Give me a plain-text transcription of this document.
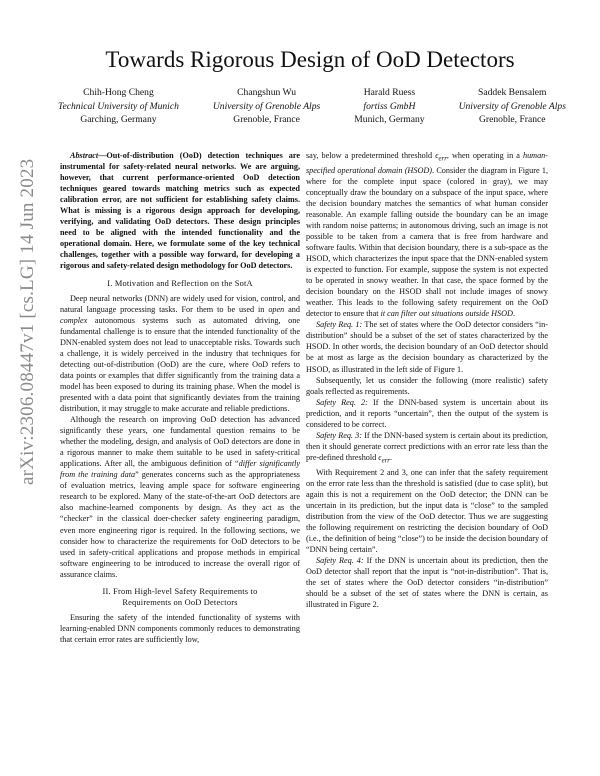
arXiv:2306.08447v1 [cs.LG] 14 Jun 2023
Towards Rigorous Design of OoD Detectors
Chih-Hong Cheng
Technical University of Munich
Garching, Germany
Changshun Wu
University of Grenoble Alps
Grenoble, France
Harald Ruess
fortiss GmbH
Munich, Germany
Saddek Bensalem
University of Grenoble Alps
Grenoble, France

Abstract—Out-of-distribution (OoD) detection techniques are instrumental for safety-related neural networks. We are arguing, however, that current performance-oriented OoD detection techniques geared towards matching metrics such as expected calibration error, are not sufficient for establishing safety claims. What is missing is a rigorous design approach for developing, verifying, and validating OoD detectors. These design principles need to be aligned with the intended functionality and the operational domain. Here, we formulate some of the key technical challenges, together with a possible way forward, for developing a rigorous and safety-related design methodology for OoD detectors.

I. Motivation and Reflection on the SotA

Deep neural networks (DNN) are widely used for vision, control, and natural language processing tasks. For them to be used in open and complex autonomous systems such as automated driving, one fundamental challenge is to ensure that the intended functionality of the DNN-enabled system does not lead to unacceptable risks. Towards such a challenge, it is widely perceived in the industry that techniques for detecting out-of-distribution (OoD) are the cure, where OoD refers to data points or examples that differ significantly from the training data a model has been exposed to during its training phase. When the model is presented with a data point that significantly deviates from the training distribution, it may struggle to make accurate and reliable predictions.

Although the research on improving OoD detection has advanced significantly these years, one fundamental question remains to be whether the modeling, design, and analysis of OoD detectors are done in a rigorous manner to make them suitable to be used in safety-critical applications. After all, the ambiguous definition of “differ significantly from the training data” generates concerns such as the appropriateness of evaluation metrics, leaving ample space for software engineering research to be explored. Many of the state-of-the-art OoD detectors are also machine-learned components by design. As they act as the “checker” in the classical doer-checker safety engineering paradigm, even more engineering rigor is required. In the following sections, we consider how to characterize the requirements for OoD detectors to be used in safety-critical applications and propose methods in empirical software engineering to be introduced to increase the overall rigor of assurance claims.

II. From High-level Safety Requirements to
Requirements on OoD Detectors

Ensuring the safety of the intended functionality of systems with learning-enabled DNN components commonly reduces to demonstrating that certain error rates are sufficiently low,

say, below a predetermined threshold $\epsilon_{err}$, when operating in a human-specified operational domain (HSOD). Consider the diagram in Figure 1, where for the complete input space (colored in gray), we may conceptually draw the boundary on a subspace of the input space, where the decision boundary matches the semantics of what human consider reasonable. An example falling outside the boundary can be an image with random noise patterns; in autonomous driving, such an image is not possible to be taken from a camera that is free from hardware and software faults. Within that decision boundary, there is a sub-space as the HSOD, which characterizes the input space that the DNN-enabled system is expected to function. For example, suppose the system is not expected to be operated in snowy weather. In that case, the space formed by the decision boundary on the HSOD shall not include images of snowy weather. This leads to the following safety requirement on the OoD detector to ensure that it can filter out situations outside HSOD.

Safety Req. 1: The set of states where the OoD detector considers “in-distribution” should be a subset of the set of states characterized by the HSOD. In other words, the decision boundary of an OoD detector should be at most as large as the decision boundary as characterized by the HSOD, as illustrated in the left side of Figure 1.

Subsequently, let us consider the following (more realistic) safety goals reflected as requirements.

Safety Req. 2: If the DNN-based system is uncertain about its prediction, and it reports “uncertain”, then the output of the system is considered to be correct.

Safety Req. 3: If the DNN-based system is certain about its prediction, then it should generate correct predictions with an error rate less than the pre-defined threshold $\epsilon_{err}$.

With Requirement 2 and 3, one can infer that the safety requirement on the error rate less than the threshold is satisfied (due to case split), but again this is not a requirement on the OoD detector; the DNN can be uncertain in its prediction, but the input data is “close” to the sampled distribution from the view of the OoD detector. Thus we are suggesting the following requirement on restricting the decision boundary of OoD (i.e., the definition of being “close”) to be inside the decision boundary of “DNN being certain”.

Safety Req. 4: If the DNN is uncertain about its prediction, then the OoD detector shall report that the input is “not-in-distribution”. That is, the set of states where the OoD detector considers “in-distribution” should be a subset of the set of states where the DNN is certain, as illustrated in Figure 2.
